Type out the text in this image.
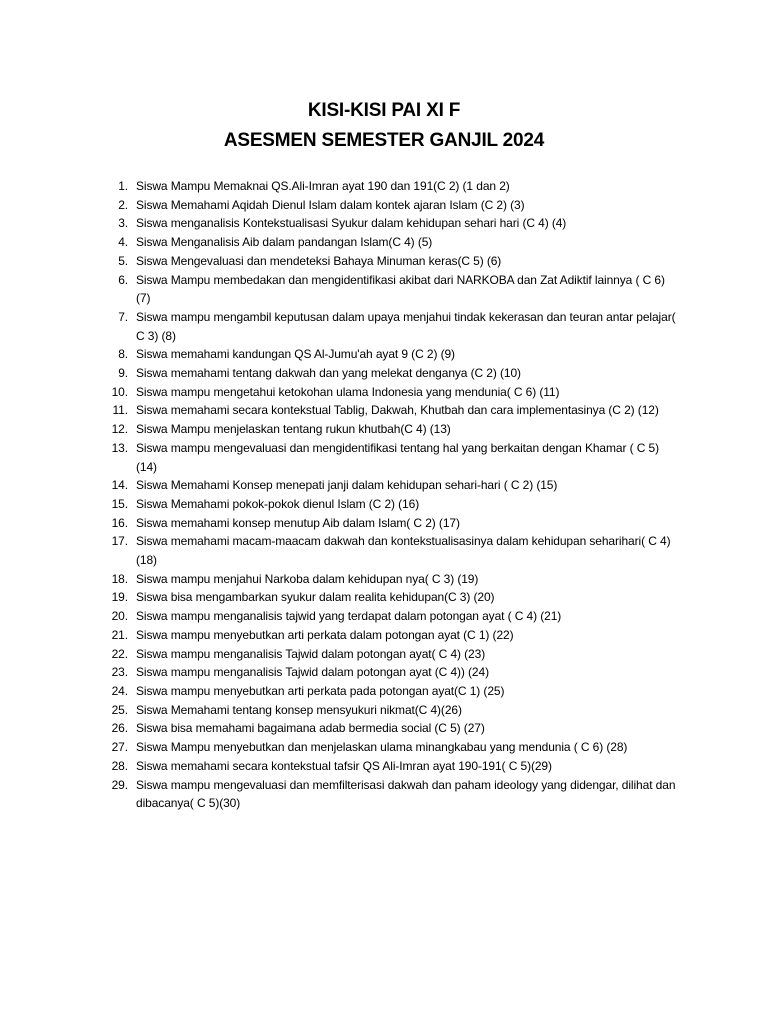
KISI-KISI PAI XI F
ASESMEN SEMESTER GANJIL 2024
1. Siswa Mampu Memaknai QS.Ali-Imran ayat 190 dan 191(C 2) (1 dan 2)
2. Siswa Memahami Aqidah Dienul Islam dalam kontek ajaran Islam (C 2) (3)
3. Siswa menganalisis Kontekstualisasi Syukur dalam kehidupan sehari hari (C 4) (4)
4. Siswa Menganalisis Aib dalam pandangan Islam(C 4) (5)
5. Siswa Mengevaluasi dan mendeteksi Bahaya Minuman keras(C 5) (6)
6. Siswa Mampu membedakan dan mengidentifikasi akibat dari NARKOBA dan Zat Adiktif lainnya ( C 6) (7)
7. Siswa mampu mengambil keputusan dalam upaya menjahui tindak kekerasan dan teuran antar pelajar( C 3) (8)
8. Siswa memahami kandungan QS Al-Jumu'ah ayat 9 (C 2) (9)
9. Siswa memahami tentang dakwah dan yang melekat denganya (C 2) (10)
10. Siswa mampu mengetahui ketokohan ulama Indonesia yang mendunia( C 6) (11)
11. Siswa memahami secara kontekstual Tablig, Dakwah, Khutbah dan cara implementasinya (C 2) (12)
12. Siswa Mampu menjelaskan tentang rukun khutbah(C 4) (13)
13. Siswa mampu mengevaluasi dan mengidentifikasi tentang hal yang berkaitan dengan Khamar ( C 5) (14)
14. Siswa Memahami Konsep menepati janji dalam kehidupan sehari-hari ( C 2) (15)
15. Siswa Memahami pokok-pokok dienul Islam (C 2) (16)
16. Siswa memahami konsep menutup Aib dalam Islam( C 2) (17)
17. Siswa memahami macam-maacam dakwah dan kontekstualisasinya dalam kehidupan seharihari( C 4) (18)
18. Siswa mampu menjahui Narkoba dalam kehidupan nya( C 3) (19)
19. Siswa bisa mengambarkan syukur dalam realita kehidupan(C 3) (20)
20. Siswa mampu menganalisis tajwid yang terdapat dalam potongan ayat ( C 4) (21)
21. Siswa mampu menyebutkan arti perkata dalam potongan ayat (C 1) (22)
22. Siswa mampu menganalisis Tajwid dalam potongan ayat( C 4) (23)
23. Siswa mampu menganalisis Tajwid dalam potongan ayat (C 4)) (24)
24. Siswa mampu menyebutkan arti perkata pada potongan ayat(C 1) (25)
25. Siswa Memahami tentang konsep mensyukuri nikmat(C 4)(26)
26. Siswa bisa memahami bagaimana adab bermedia social (C 5) (27)
27. Siswa Mampu menyebutkan dan menjelaskan ulama minangkabau yang mendunia ( C 6) (28)
28. Siswa memahami secara kontekstual tafsir QS Ali-Imran ayat 190-191( C 5)(29)
29. Siswa mampu mengevaluasi dan memfilterisasi dakwah dan paham ideology yang didengar, dilihat dan dibacanya( C 5)(30)
